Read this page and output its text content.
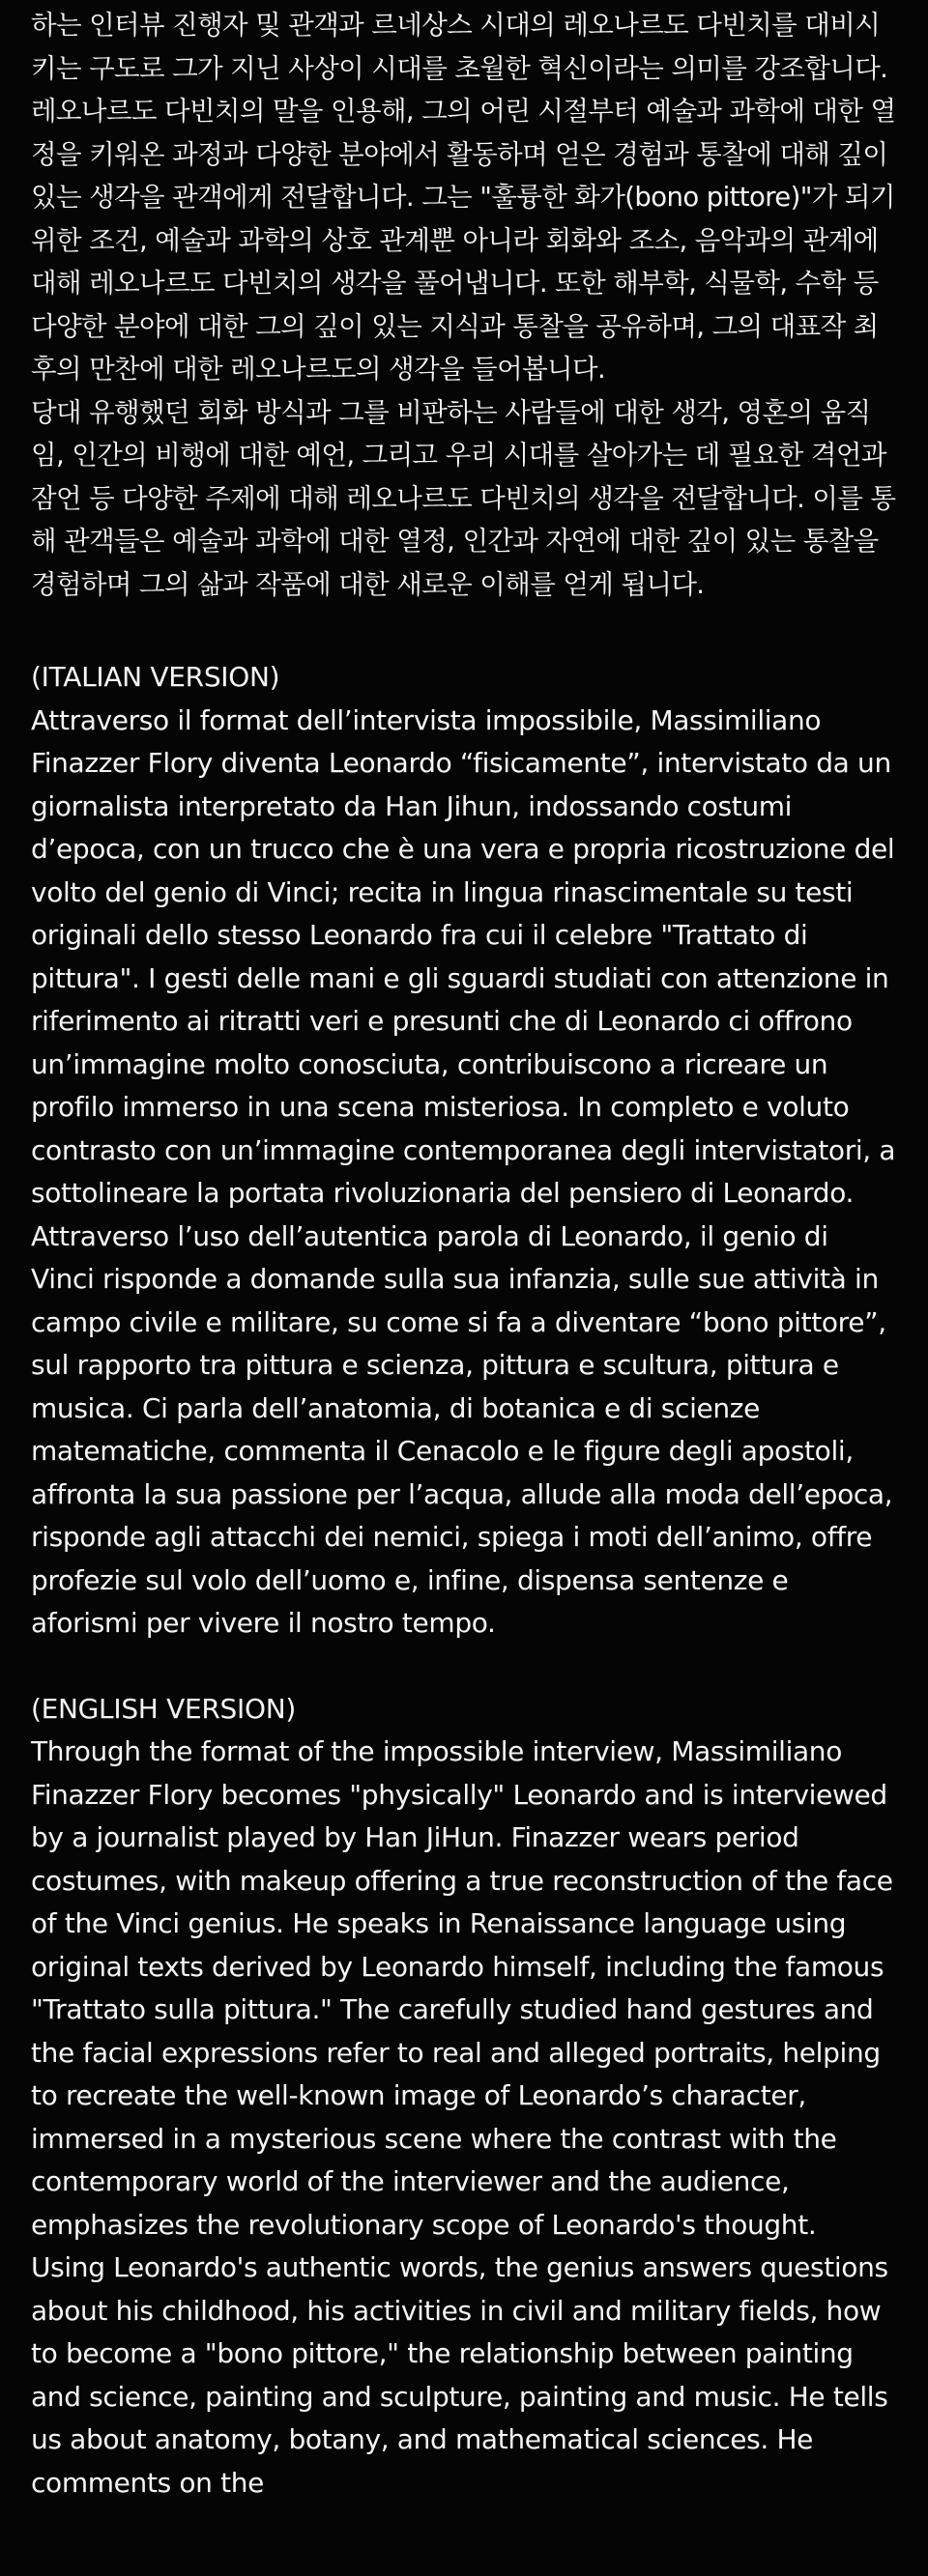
하는 인터뷰 진행자 및 관객과 르네상스 시대의 레오나르도 다빈치를 대비시키는 구도로 그가 지닌 사상이 시대를 초월한 혁신이라는 의미를 강조합니다.

레오나르도 다빈치의 말을 인용해, 그의 어린 시절부터 예술과 과학에 대한 열정을 키워온 과정과 다양한 분야에서 활동하며 얻은 경험과 통찰에 대해 깊이 있는 생각을 관객에게 전달합니다. 그는 "훌륭한 화가(bono pittore)"가 되기 위한 조건, 예술과 과학의 상호 관계뿐 아니라 회화와 조소, 음악과의 관계에 대해 레오나르도 다빈치의 생각을 풀어냅니다. 또한 해부학, 식물학, 수학 등 다양한 분야에 대한 그의 깊이 있는 지식과 통찰을 공유하며, 그의 대표작 최후의 만찬에 대한 레오나르도의 생각을 들어봅니다.

당대 유행했던 회화 방식과 그를 비판하는 사람들에 대한 생각, 영혼의 움직임, 인간의 비행에 대한 예언, 그리고 우리 시대를 살아가는 데 필요한 격언과 잠언 등 다양한 주제에 대해 레오나르도 다빈치의 생각을 전달합니다. 이를 통해 관객들은 예술과 과학에 대한 열정, 인간과 자연에 대한 깊이 있는 통찰을 경험하며 그의 삶과 작품에 대한 새로운 이해를 얻게 됩니다.

(ITALIAN VERSION)

Attraverso il format dell’intervista impossibile, Massimiliano Finazzer Flory diventa Leonardo “fisicamente”, intervistato da un giornalista interpretato da Han Jihun, indossando costumi d’epoca, con un trucco che è una vera e propria ricostruzione del volto del genio di Vinci; recita in lingua rinascimentale su testi originali dello stesso Leonardo fra cui il celebre "Trattato di pittura". I gesti delle mani e gli sguardi studiati con attenzione in riferimento ai ritratti veri e presunti che di Leonardo ci offrono un’immagine molto conosciuta, contribuiscono a ricreare un profilo immerso in una scena misteriosa. In completo e voluto contrasto con un’immagine contemporanea degli intervistatori, a sottolineare la portata rivoluzionaria del pensiero di Leonardo.

Attraverso l’uso dell’autentica parola di Leonardo, il genio di Vinci risponde a domande sulla sua infanzia, sulle sue attività in campo civile e militare, su come si fa a diventare “bono pittore”, sul rapporto tra pittura e scienza, pittura e scultura, pittura e musica. Ci parla dell’anatomia, di botanica e di scienze matematiche, commenta il Cenacolo e le figure degli apostoli, affronta la sua passione per l’acqua, allude alla moda dell’epoca, risponde agli attacchi dei nemici, spiega i moti dell’animo, offre profezie sul volo dell’uomo e, infine, dispensa sentenze e aforismi per vivere il nostro tempo.

(ENGLISH VERSION)

Through the format of the impossible interview, Massimiliano Finazzer Flory becomes "physically" Leonardo and is interviewed by a journalist played by Han JiHun. Finazzer wears period costumes, with makeup offering a true reconstruction of the face of the Vinci genius. He speaks in Renaissance language using original texts derived by Leonardo himself, including the famous "Trattato sulla pittura." The carefully studied hand gestures and the facial expressions refer to real and alleged portraits, helping to recreate the well-known image of Leonardo’s character, immersed in a mysterious scene where the contrast with the contemporary world of the interviewer and the audience, emphasizes the revolutionary scope of Leonardo's thought. Using Leonardo's authentic words, the genius answers questions about his childhood, his activities in civil and military fields, how to become a "bono pittore," the relationship between painting and science, painting and sculpture, painting and music. He tells us about anatomy, botany, and mathematical sciences. He comments on the
